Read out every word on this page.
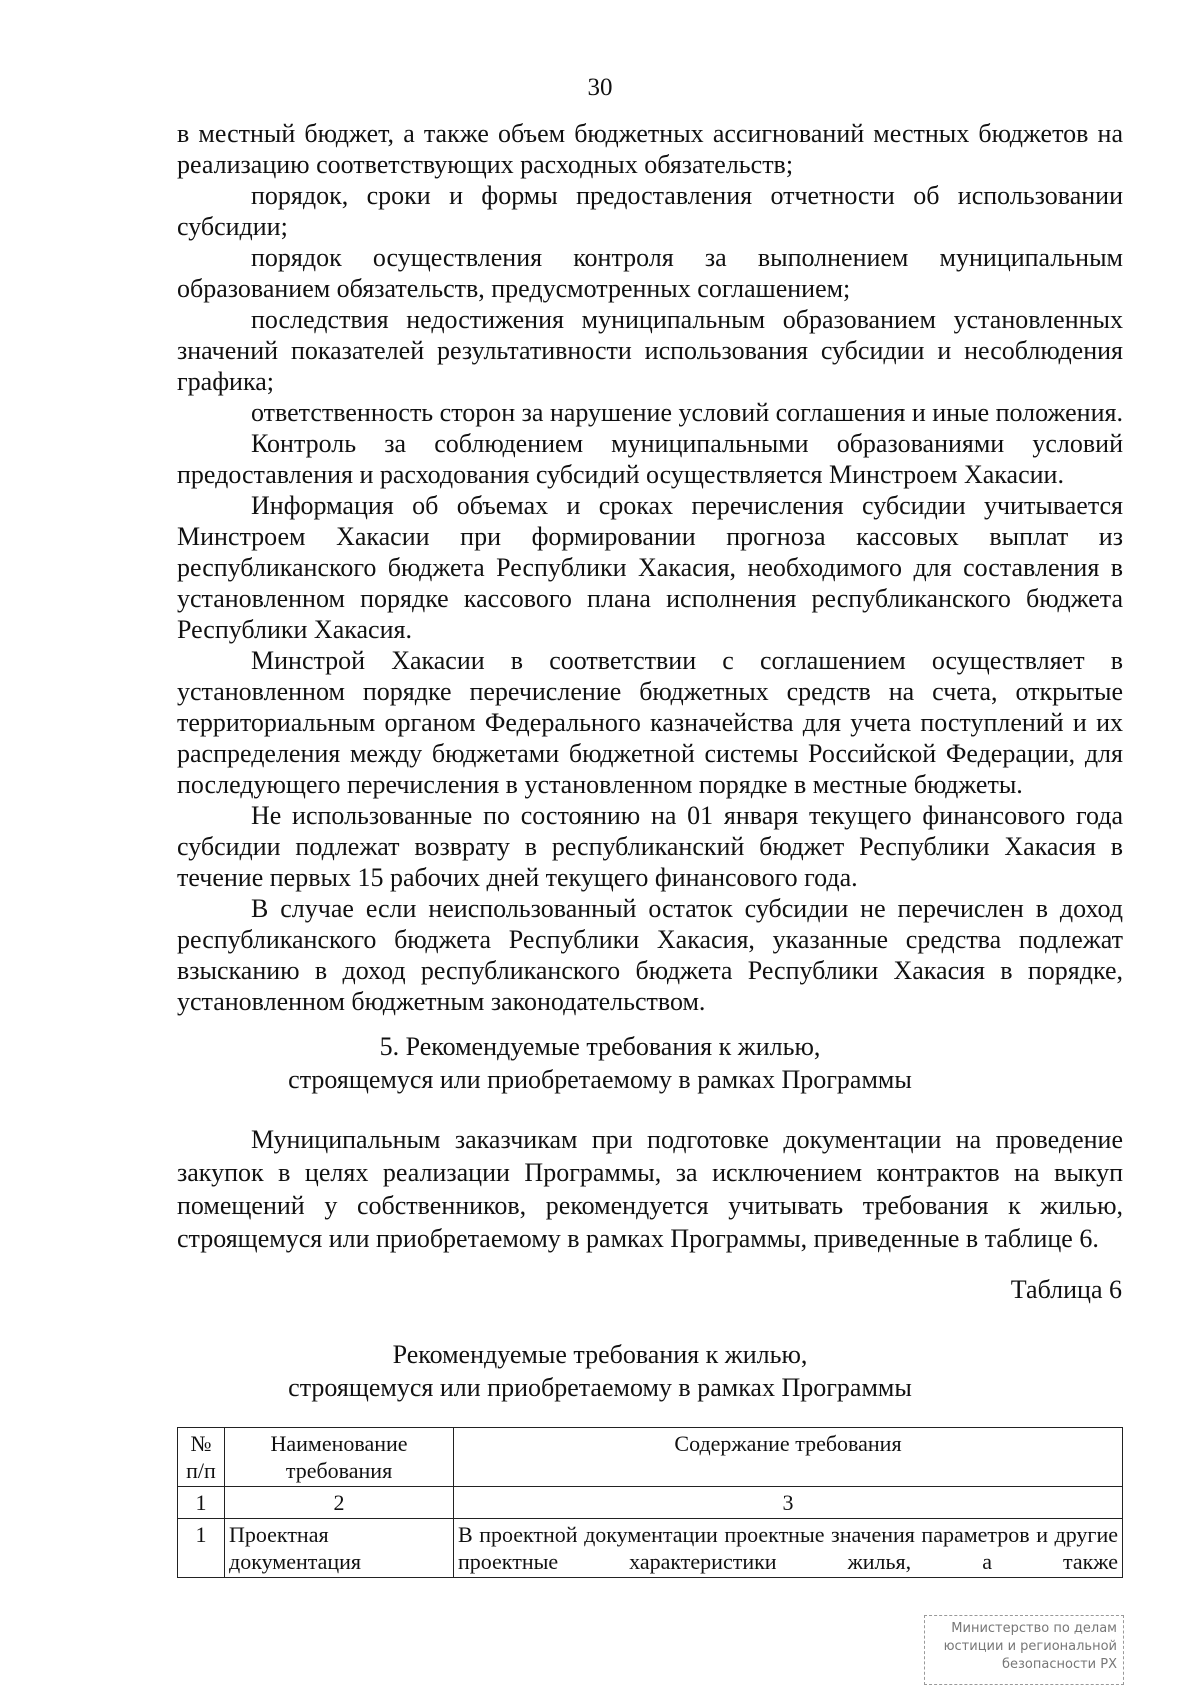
30

в местный бюджет, а также объем бюджетных ассигнований местных бюджетов на реализацию соответствующих расходных обязательств;

порядок, сроки и формы предоставления отчетности об использовании субсидии;

порядок осуществления контроля за выполнением муниципальным образованием обязательств, предусмотренных соглашением;

последствия недостижения муниципальным образованием установленных значений показателей результативности использования субсидии и несоблюдения графика;

ответственность сторон за нарушение условий соглашения и иные положения.

Контроль за соблюдением муниципальными образованиями условий предоставления и расходования субсидий осуществляется Минстроем Хакасии.

Информация об объемах и сроках перечисления субсидии учитывается Минстроем Хакасии при формировании прогноза кассовых выплат из республиканского бюджета Республики Хакасия, необходимого для составления в установленном порядке кассового плана исполнения республиканского бюджета Республики Хакасия.

Минстрой Хакасии в соответствии с соглашением осуществляет в установленном порядке перечисление бюджетных средств на счета, открытые территориальным органом Федерального казначейства для учета поступлений и их распределения между бюджетами бюджетной системы Российской Федерации, для последующего перечисления в установленном порядке в местные бюджеты.

Не использованные по состоянию на 01 января текущего финансового года субсидии подлежат возврату в республиканский бюджет Республики Хакасия в течение первых 15 рабочих дней текущего финансового года.

В случае если неиспользованный остаток субсидии не перечислен в доход республиканского бюджета Республики Хакасия, указанные средства подлежат взысканию в доход республиканского бюджета Республики Хакасия в порядке, установленном бюджетным законодательством.

5. Рекомендуемые требования к жилью,

строящемуся или приобретаемому в рамках Программы

Муниципальным заказчикам при подготовке документации на проведение закупок в целях реализации Программы, за исключением контрактов на выкуп помещений у собственников, рекомендуется учитывать требования к жилью, строящемуся или приобретаемому в рамках Программы, приведенные в таблице 6.

Таблица 6

Рекомендуемые требования к жилью,

строящемуся или приобретаемому в рамках Программы

№ п/п	Наименование требования	Содержание требования
1	2	3
1	Проектная документация	В проектной документации проектные значения параметров и другие проектные характеристики жилья, а также
Министерство по делам
юстиции и региональной
безопасности РХ
